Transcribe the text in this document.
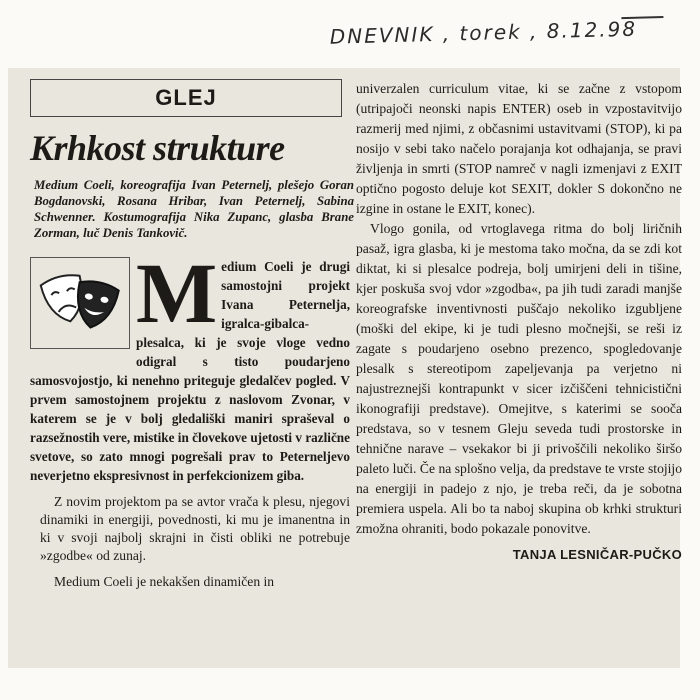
DNEVNIK , torek , 8.12.98
GLEJ
Krhkost strukture
Medium Coeli, koreografija Ivan Peternelj, plešejo Goran Bogdanovski, Rosana Hribar, Ivan Peternelj, Sabina Schwenner. Kostumografija Nika Zupanc, glasba Brane Zorman, luč Denis Tankovič.
M edium Coeli je drugi samostojni projekt Ivana Peternelja, igralca-gibalca-plesalca, ki je svoje vloge vedno odigral s tisto poudarjeno samosvojostjo, ki nenehno priteguje gledalčev pogled. V prvem samostojnem projektu z naslovom Zvonar, v katerem se je v bolj gledališki maniri spraševal o razsežnostih vere, mistike in človekove ujetosti v različne svetove, so zato mnogi pogrešali prav to Peterneljevo neverjetno ekspresivnost in perfekcionizem giba.

Z novim projektom pa se avtor vrača k plesu, njegovi dinamiki in energiji, povednosti, ki mu je imanentna in ki v svoji najbolj skrajni in čisti obliki ne potrebuje »zgodbe« od zunaj.

Medium Coeli je nekakšen dinamičen in

univerzalen curriculum vitae, ki se začne z vstopom (utripajoči neonski napis ENTER) oseb in vzpostavitvijo razmerij med njimi, z občasnimi ustavitvami (STOP), ki pa nosijo v sebi tako načelo porajanja kot odhajanja, se pravi življenja in smrti (STOP namreč v nagli izmenjavi z EXIT optično pogosto deluje kot SEXIT, dokler S dokončno ne izgine in ostane le EXIT, konec).

Vlogo gonila, od vrtoglavega ritma do bolj liričnih pasaž, igra glasba, ki je mestoma tako močna, da se zdi kot diktat, ki si plesalce podreja, bolj umirjeni deli in tišine, kjer poskuša svoj vdor »zgodba«, pa jih tudi zaradi manjše koreografske inventivnosti puščajo nekoliko izgubljene (moški del ekipe, ki je tudi plesno močnejši, se reši iz zagate s poudarjeno osebno prezenco, spogledovanje plesalk s stereotipom zapeljevanja pa verjetno ni najustreznejši kontrapunkt v sicer izčiščeni tehnicistični ikonografiji predstave). Omejitve, s katerimi se sooča predstava, so v tesnem Gleju seveda tudi prostorske in tehnične narave – vsekakor bi ji privoščili nekoliko širšo paleto luči. Če na splošno velja, da predstave te vrste stojijo na energiji in padejo z njo, je treba reči, da je sobotna premiera uspela. Ali bo ta naboj skupina ob krhki strukturi zmožna ohraniti, bodo pokazale ponovitve.

TANJA LESNIČAR-PUČKO
